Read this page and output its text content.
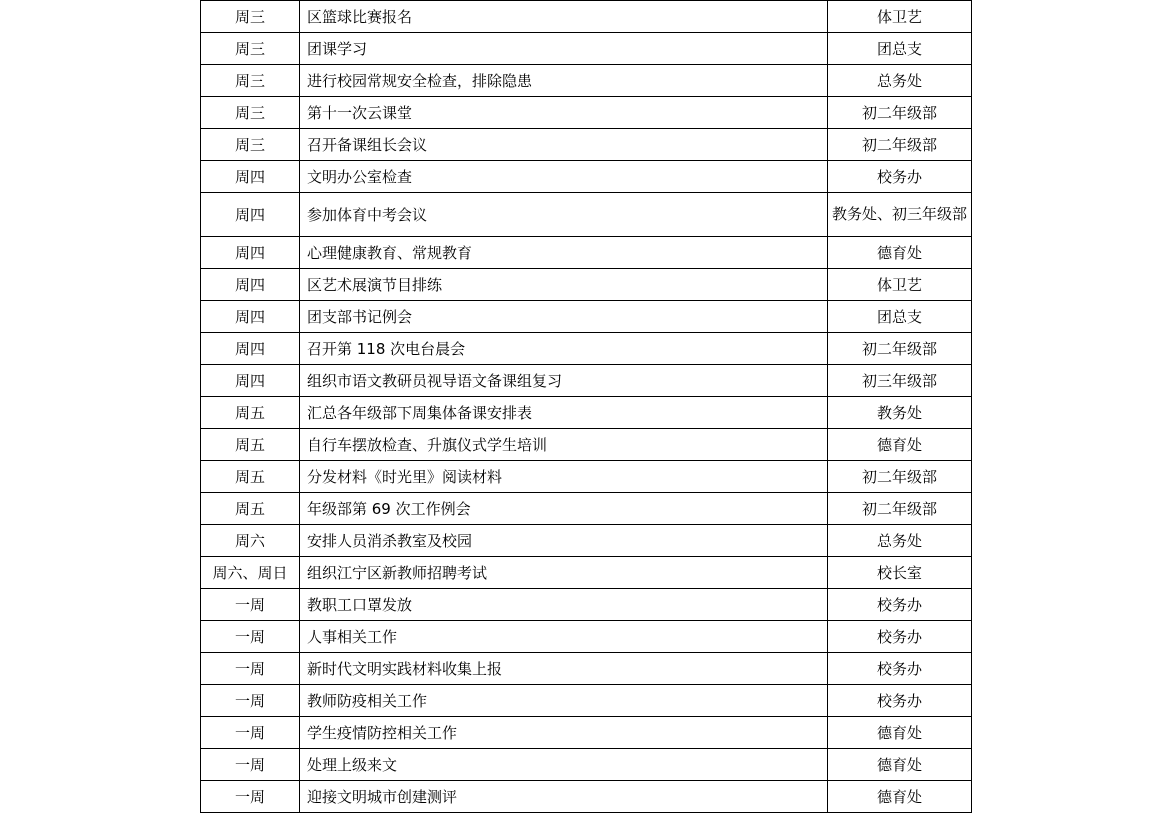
周三	区篮球比赛报名	体卫艺
周三	团课学习	团总支
周三	进行校园常规安全检查，排除隐患	总务处
周三	第十一次云课堂	初二年级部
周三	召开备课组长会议	初二年级部
周四	文明办公室检查	校务办
周四	参加体育中考会议	教务处、初三年级部
周四	心理健康教育、常规教育	德育处
周四	区艺术展演节目排练	体卫艺
周四	团支部书记例会	团总支
周四	召开第 118 次电台晨会	初二年级部
周四	组织市语文教研员视导语文备课组复习	初三年级部
周五	汇总各年级部下周集体备课安排表	教务处
周五	自行车摆放检查、升旗仪式学生培训	德育处
周五	分发材料《时光里》阅读材料	初二年级部
周五	年级部第 69 次工作例会	初二年级部
周六	安排人员消杀教室及校园	总务处
周六、周日	组织江宁区新教师招聘考试	校长室
一周	教职工口罩发放	校务办
一周	人事相关工作	校务办
一周	新时代文明实践材料收集上报	校务办
一周	教师防疫相关工作	校务办
一周	学生疫情防控相关工作	德育处
一周	处理上级来文	德育处
一周	迎接文明城市创建测评	德育处
